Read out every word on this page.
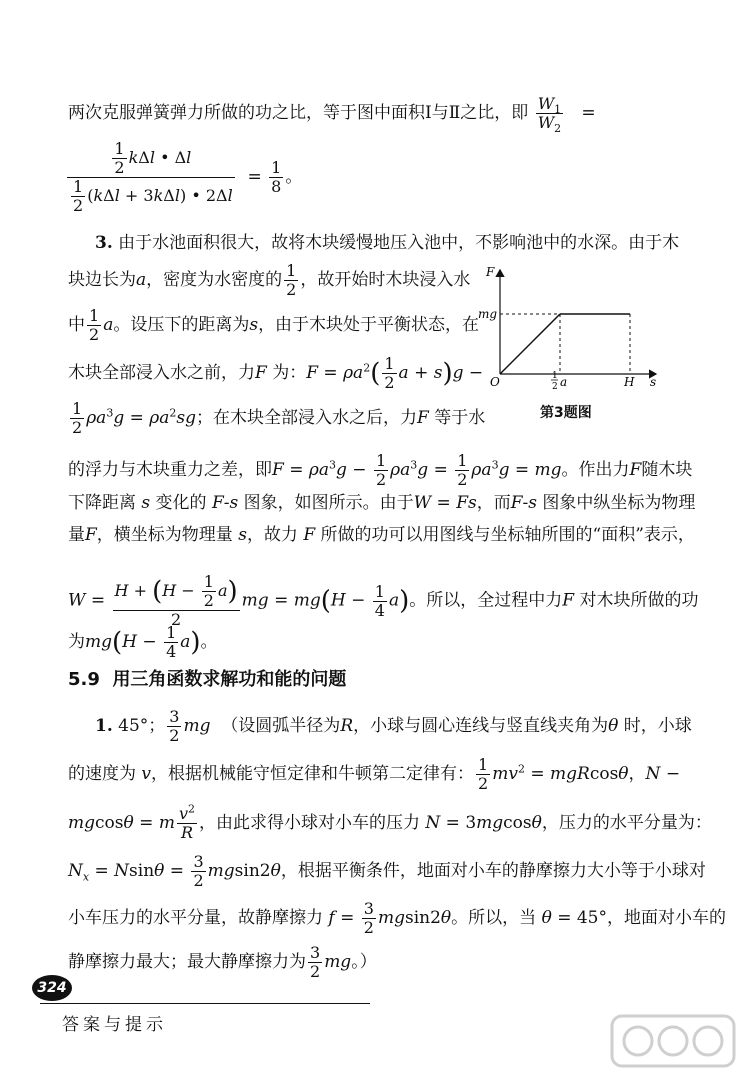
两次克服弹簧弹力所做的功之比，等于图中面积Ⅰ与Ⅱ之比，即 $\frac{W_1}{W_2}$ =
$\frac{\frac{1}{2} k\Delta l • \Delta l}{\frac{1}{2} (k\Delta l + 3k\Delta l) • 2\Delta l} = \frac{1}{8}$ 。
3. 由于水池面积很大，故将木块缓慢地压入池中，不影响池中的水深。由于木
块边长为a，密度为水密度的 $\frac{1}{2}$ ，故开始时木块浸入水
中 $\frac{1}{2}$ a。设压下的距离为s，由于木块处于平衡状态，在
木块全部浸入水之前，力F 为：$F = \rho a^2( \frac{1}{2}$ a + s)g −
$\frac{1}{2} \rho a^3g = \rho a^2sg$；在木块全部浸入水之后，力F 等于水
F
s
mg
O	1
2 a	H
第3题图
的浮力与木块重力之差，即$F = \rho a^3g - \frac{1}{2} \rho a^3g = \frac{1}{2} \rho a^3g$ = mg。作出力F随木块
下降距离 s 变化的 F-s 图象，如图所示。由于W = Fs，而F-s 图象中纵坐标为物理
量F，横坐标为物理量 s，故力 F 所做的功可以用图线与坐标轴所围的“面积”表示，
$W = \frac{H + (H - \frac{1}{2} a)}{2}$ mg = $mg(H - \frac{1}{4} a)$。所以，全过程中力F 对木块所做的功
为$mg(H - \frac{1}{4} a)$。
5.9 用三角函数求解功和能的问题
1. 45°； $\frac{3}{2}$ mg （设圆弧半径为R，小球与圆心连线与竖直线夹角为θ 时，小球
的速度为 v，根据机械能守恒定律和牛顿第二定律有： $\frac{1}{2} mv^2 = mgRcos\theta$，N −
mgcosθ = m $\frac{v^2}{R}$ ，由此求得小球对小车的压力 N = 3mgcosθ，压力的水平分量为：
$N_x = Nsin\theta = \frac{3}{2} mgsin2\theta$，根据平衡条件，地面对小车的静摩擦力大小等于小球对
小车压力的水平分量，故静摩擦力 $f = \frac{3}{2} mgsin2\theta$。所以，当 θ = 45°，地面对小车的
静摩擦力最大；最大静摩擦力为 $\frac{3}{2}$ mg。）
324
答案与提示
